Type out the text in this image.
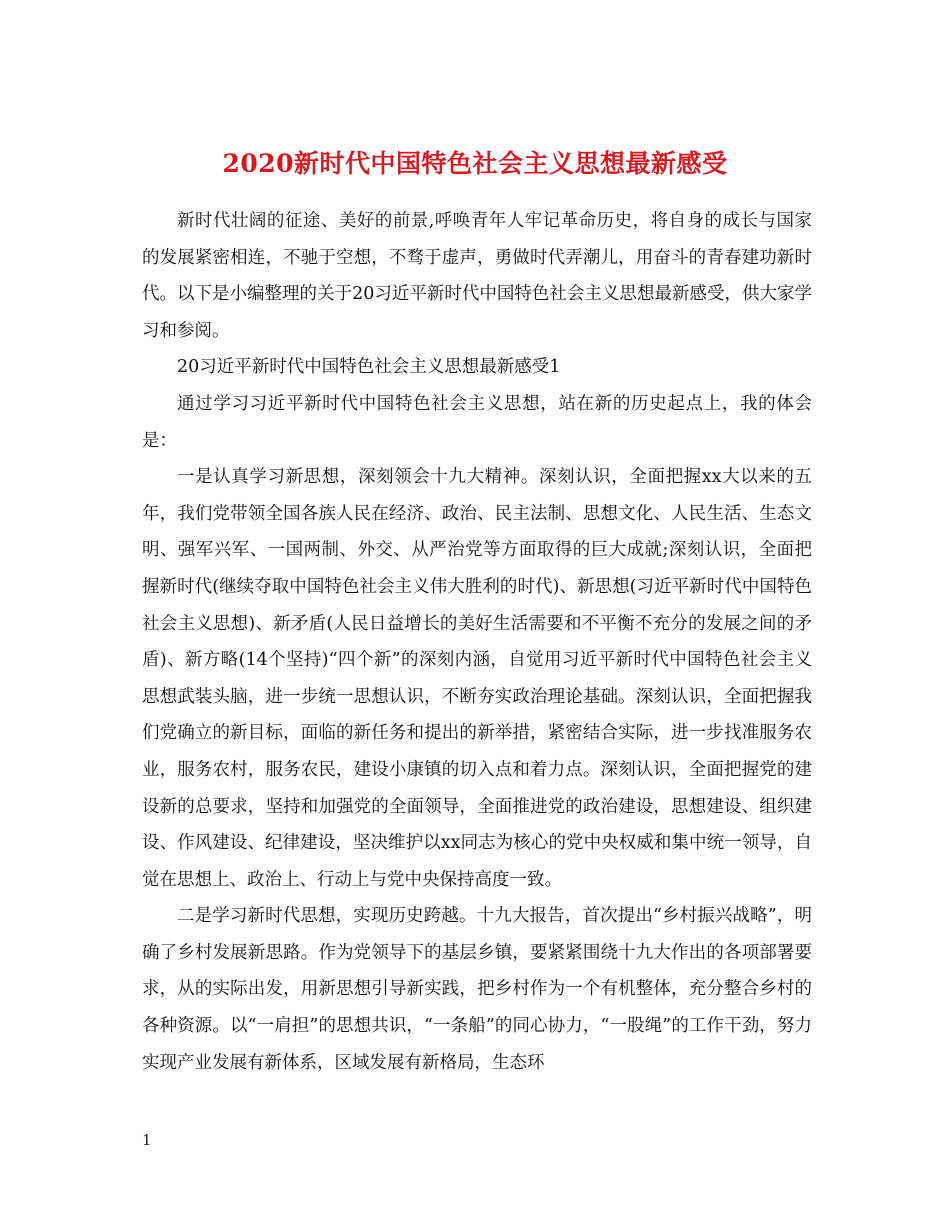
2020新时代中国特色社会主义思想最新感受

新时代壮阔的征途、美好的前景,呼唤青年人牢记革命历史，将自身的成长与国家的发展紧密相连，不驰于空想，不骛于虚声，勇做时代弄潮儿，用奋斗的青春建功新时代。以下是小编整理的关于20习近平新时代中国特色社会主义思想最新感受，供大家学习和参阅。

20习近平新时代中国特色社会主义思想最新感受1

通过学习习近平新时代中国特色社会主义思想，站在新的历史起点上，我的体会是：

一是认真学习新思想，深刻领会十九大精神。深刻认识，全面把握xx大以来的五年，我们党带领全国各族人民在经济、政治、民主法制、思想文化、人民生活、生态文明、强军兴军、一国两制、外交、从严治党等方面取得的巨大成就;深刻认识，全面把握新时代(继续夺取中国特色社会主义伟大胜利的时代)、新思想(习近平新时代中国特色社会主义思想)、新矛盾(人民日益增长的美好生活需要和不平衡不充分的发展之间的矛盾)、新方略(14个坚持)“四个新”的深刻内涵，自觉用习近平新时代中国特色社会主义思想武装头脑，进一步统一思想认识，不断夯实政治理论基础。深刻认识，全面把握我们党确立的新目标，面临的新任务和提出的新举措，紧密结合实际，进一步找准服务农业，服务农村，服务农民，建设小康镇的切入点和着力点。深刻认识，全面把握党的建设新的总要求，坚持和加强党的全面领导，全面推进党的政治建设，思想建设、组织建设、作风建设、纪律建设，坚决维护以xx同志为核心的党中央权威和集中统一领导，自觉在思想上、政治上、行动上与党中央保持高度一致。

二是学习新时代思想，实现历史跨越。十九大报告，首次提出“乡村振兴战略”，明确了乡村发展新思路。作为党领导下的基层乡镇，要紧紧围绕十九大作出的各项部署要求，从的实际出发，用新思想引导新实践，把乡村作为一个有机整体，充分整合乡村的各种资源。以“一肩担”的思想共识，“一条船”的同心协力，“一股绳”的工作干劲，努力实现产业发展有新体系，区域发展有新格局，生态环

1
